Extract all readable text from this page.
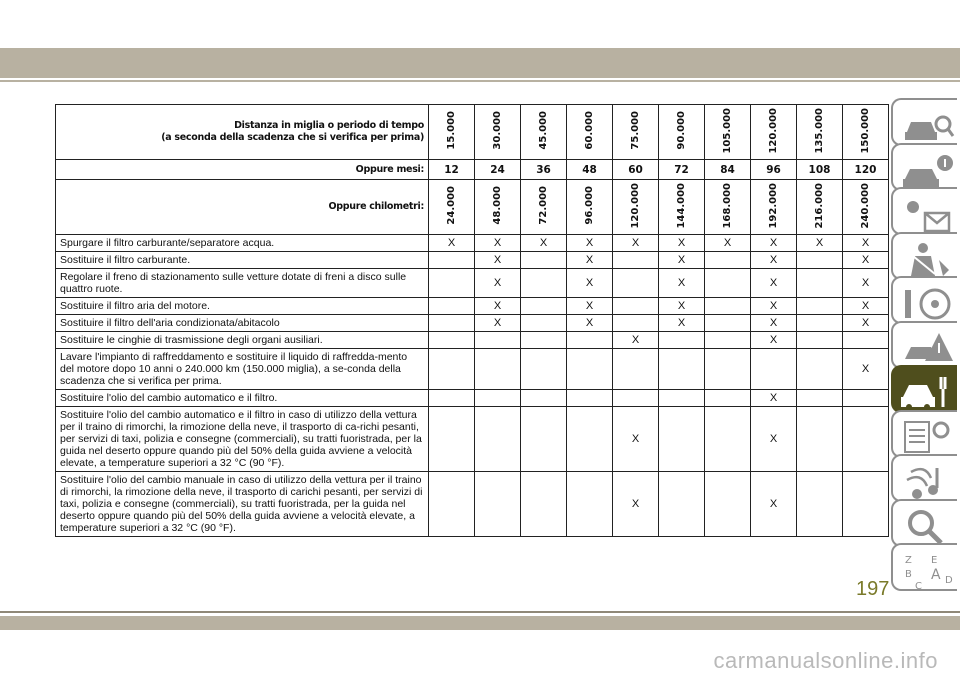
Distanza in miglia o periodo di tempo
(a seconda della scadenza che si verifica per prima)	15.000	30.000	45.000	60.000	75.000	90.000	105.000	120.000	135.000	150.000
Oppure mesi:	12	24	36	48	60	72	84	96	108	120
Oppure chilometri:	24.000	48.000	72.000	96.000	120.000	144.000	168.000	192.000	216.000	240.000
Spurgare il filtro carburante/separatore acqua.	X	X	X	X	X	X	X	X	X	X
Sostituire il filtro carburante.		X		X		X		X		X
Regolare il freno di stazionamento sulle vetture dotate di freni a disco sulle quattro ruote.		X		X		X		X		X
Sostituire il filtro aria del motore.		X		X		X		X		X
Sostituire il filtro dell'aria condizionata/abitacolo		X		X		X		X		X
Sostituire le cinghie di trasmissione degli organi ausiliari.					X			X		
Lavare l'impianto di raffreddamento e sostituire il liquido di raffredda-mento del motore dopo 10 anni o 240.000 km (150.000 miglia), a se-conda della scadenza che si verifica per prima.										X
Sostituire l'olio del cambio automatico e il filtro.								X		
Sostituire l'olio del cambio automatico e il filtro in caso di utilizzo della vettura per il traino di rimorchi, la rimozione della neve, il trasporto di ca-richi pesanti, per servizi di taxi, polizia e consegne (commerciali), su tratti fuoristrada, per la guida nel deserto oppure quando più del 50% della guida avviene a velocità elevate, a temperature superiori a 32 °C (90 °F).					X			X		
Sostituire l'olio del cambio manuale in caso di utilizzo della vettura per il traino di rimorchi, la rimozione della neve, il trasporto di carichi pesanti, per servizi di taxi, polizia e consegne (commerciali), su tratti fuoristrada, per la guida nel deserto oppure quando più del 50% della guida avviene a velocità elevate, a temperature superiori a 32 °C (90 °F).					X			X		
Z E
B A
C
D
197
carmanualsonline.info
